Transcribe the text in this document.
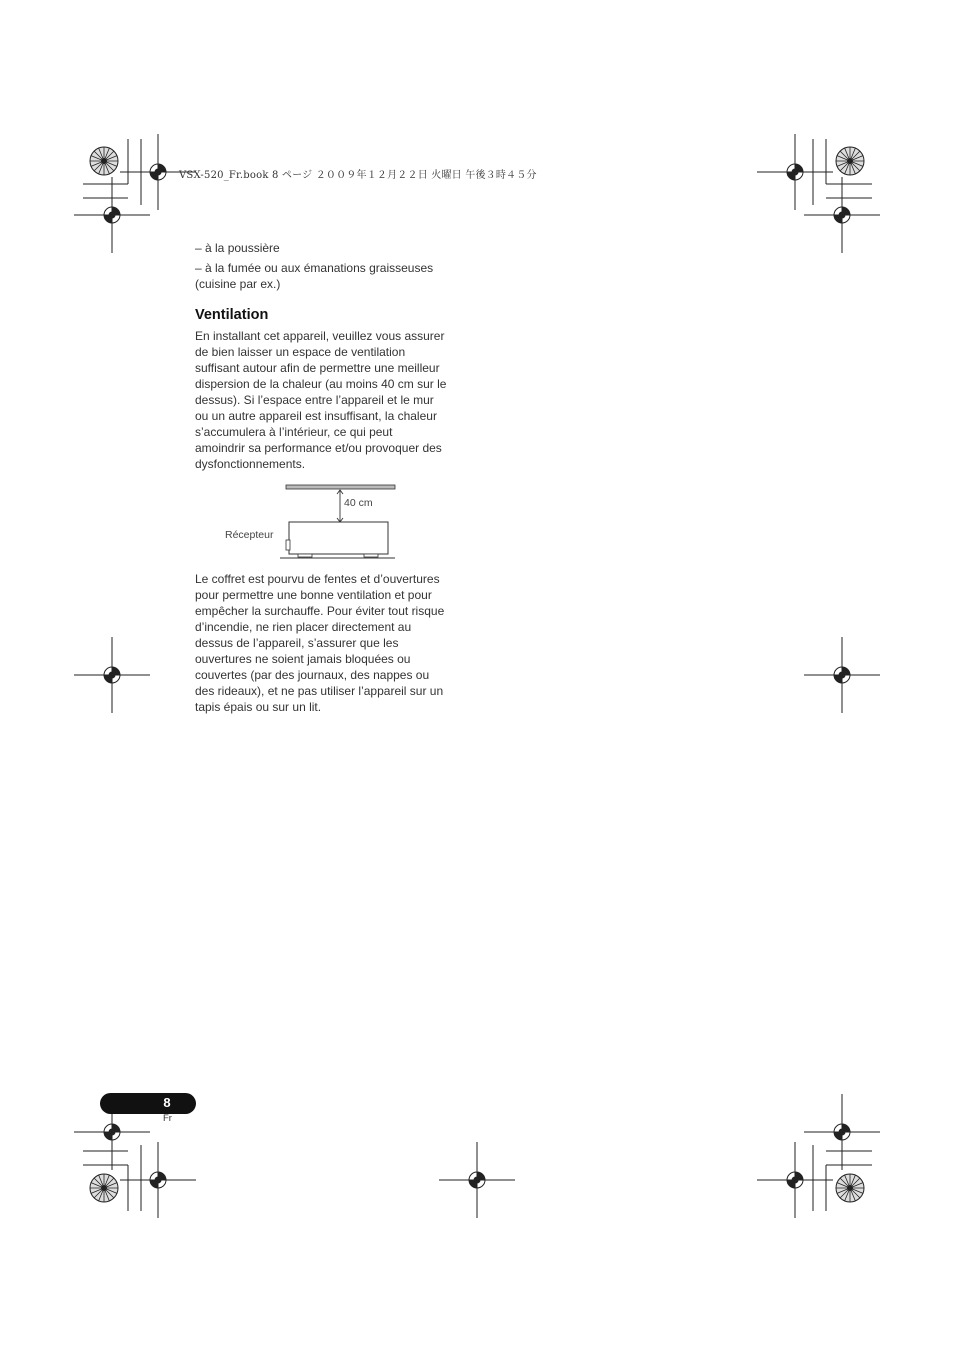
VSX-520_Fr.book 8 ページ ２００９年１２月２２日 火曜日 午後３時４５分
– à la poussière
– à la fumée ou aux émanations graisseuses
(cuisine par ex.)
Ventilation
En installant cet appareil, veuillez vous assurer
de bien laisser un espace de ventilation
suffisant autour afin de permettre une meilleur
dispersion de la chaleur (au moins 40 cm sur le
dessus). Si l’espace entre l’appareil et le mur
ou un autre appareil est insuffisant, la chaleur
s’accumulera à l’intérieur, ce qui peut
amoindrir sa performance et/ou provoquer des
dysfonctionnements.
40 cm
Récepteur
Le coffret est pourvu de fentes et d’ouvertures
pour permettre une bonne ventilation et pour
empêcher la surchauffe. Pour éviter tout risque
d’incendie, ne rien placer directement au
dessus de l’appareil, s’assurer que les
ouvertures ne soient jamais bloquées ou
couvertes (par des journaux, des nappes ou
des rideaux), et ne pas utiliser l’appareil sur un
tapis épais ou sur un lit.
8
Fr
